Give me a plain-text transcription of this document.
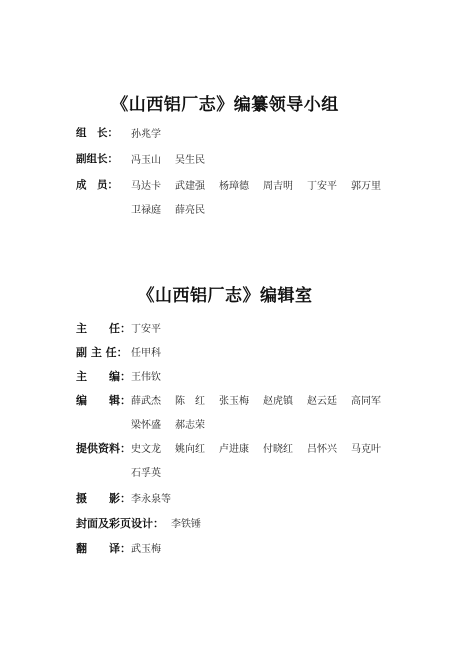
《山西铝厂志》编纂领导小组
组　长： 孙兆学
副组长： 冯玉山 吴生民
成　员： 马达卡 武建强 杨璋德 周吉明 丁安平 郭万里
卫禄庭 薛亮民
《山西铝厂志》编辑室
主　　任： 丁安平
副 主 任： 任甲科
主　　编： 王伟钦
编　　辑： 薛武杰 陈　红 张玉梅 赵虎镇 赵云廷 高同军
梁怀盛 郝志荣
提供资料： 史文龙 姚向红 卢进康 付晓红 吕怀兴 马克叶
石孚英
摄　　影： 李永泉等
封面及彩页设计： 李铁锤
翻　　译： 武玉梅
